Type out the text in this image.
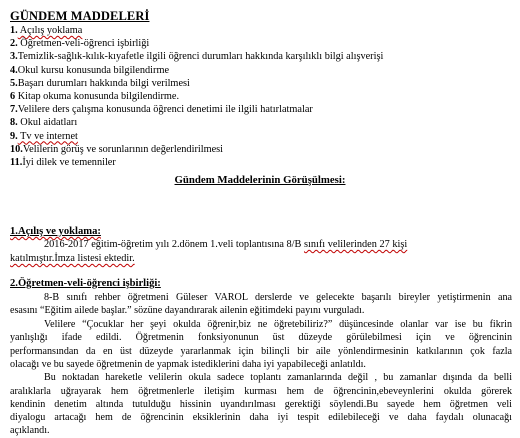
GÜNDEM MADDELERİ
1. Açılış yoklama
2. Öğretmen-veli-öğrenci işbirliği
3.Temizlik-sağlık-kılık-kıyafetle ilgili öğrenci durumları hakkında karşılıklı bilgi alışverişi
4.Okul kursu konusunda bilgilendirme
5.Başarı durumları hakkında bilgi verilmesi
6 Kitap okuma konusunda bilgilendirme.
7.Velilere ders çalışma konusunda öğrenci denetimi ile ilgili hatırlatmalar
8. Okul aidatları
9. Tv ve internet
10.Velilerin görüş ve sorunlarının değerlendirilmesi
11.İyi dilek ve temenniler
Gündem Maddelerinin Görüşülmesi:
1.Açılış ve yoklama:
2016-2017 eğitim-öğretim yılı 2.dönem 1.veli toplantısına 8/B sınıfı velilerinden 27 kişi
katılmıştır.İmza listesi ektedir.
2.Öğretmen-veli-öğrenci işbirliği:
8-B sınıfı rehber öğretmeni Güleser VAROL derslerde ve gelecekte başarılı bireyler yetiştirmenin ana
esasını “Eğitim ailede başlar.” sözüne dayandırarak ailenin eğitimdeki payını vurguladı.
Velilere “Çocuklar her şeyi okulda öğrenir,biz ne öğretebiliriz?” düşüncesinde olanlar var ise bu fikrin
yanlışlığı ifade edildi. Öğretmenin fonksiyonunun üst düzeyde görülebilmesi için ve öğrencinin
performansından da en üst düzeyde yararlanmak için bilinçli bir aile yönlendirmesinin katkılarının çok fazla
olacağı ve bu sayede öğretmenin de yapmak istediklerini daha iyi yapabileceği anlatıldı.
Bu noktadan hareketle velilerin okula sadece toplantı zamanlarında değil , bu zamanlar dışında da belli
aralıklarla uğrayarak hem öğretmenlerle iletişim kurması hem de öğrencinin,ebeveynlerini okulda görerek
kendinin denetim altında tutulduğu hissinin uyandırılması gerektiği söylendi.Bu sayede hem öğretmen veli
diyalogu artacağı hem de öğrencinin eksiklerinin daha iyi tespit edilebileceği ve daha faydalı olunacağı
açıklandı.
